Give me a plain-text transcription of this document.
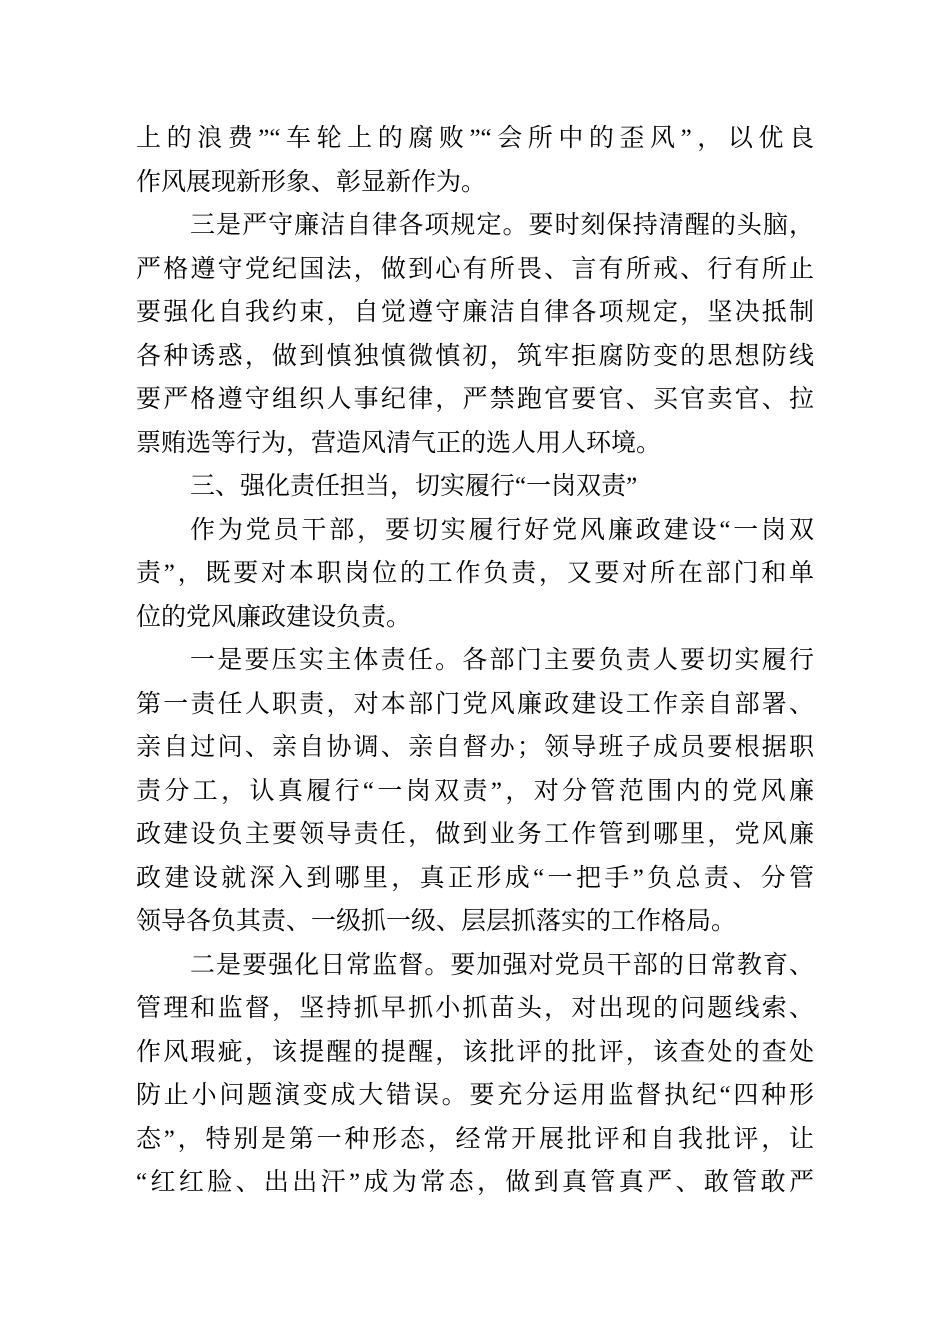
上的浪费”“车轮上的腐败”“会所中的歪风”，以优良
作风展现新形象、彰显新作为。
三是严守廉洁自律各项规定。要时刻保持清醒的头脑，
严格遵守党纪国法，做到心有所畏、言有所戒、行有所止
要强化自我约束，自觉遵守廉洁自律各项规定，坚决抵制
各种诱惑，做到慎独慎微慎初，筑牢拒腐防变的思想防线
要严格遵守组织人事纪律，严禁跑官要官、买官卖官、拉
票贿选等行为，营造风清气正的选人用人环境。
三、强化责任担当，切实履行“一岗双责”
作为党员干部，要切实履行好党风廉政建设“一岗双
责”，既要对本职岗位的工作负责，又要对所在部门和单
位的党风廉政建设负责。
一是要压实主体责任。各部门主要负责人要切实履行
第一责任人职责，对本部门党风廉政建设工作亲自部署、
亲自过问、亲自协调、亲自督办；领导班子成员要根据职
责分工，认真履行“一岗双责”，对分管范围内的党风廉
政建设负主要领导责任，做到业务工作管到哪里，党风廉
政建设就深入到哪里，真正形成“一把手”负总责、分管
领导各负其责、一级抓一级、层层抓落实的工作格局。
二是要强化日常监督。要加强对党员干部的日常教育、
管理和监督，坚持抓早抓小抓苗头，对出现的问题线索、
作风瑕疵，该提醒的提醒，该批评的批评，该查处的查处
防止小问题演变成大错误。要充分运用监督执纪“四种形
态”，特别是第一种形态，经常开展批评和自我批评，让
“红红脸、出出汗”成为常态，做到真管真严、敢管敢严
